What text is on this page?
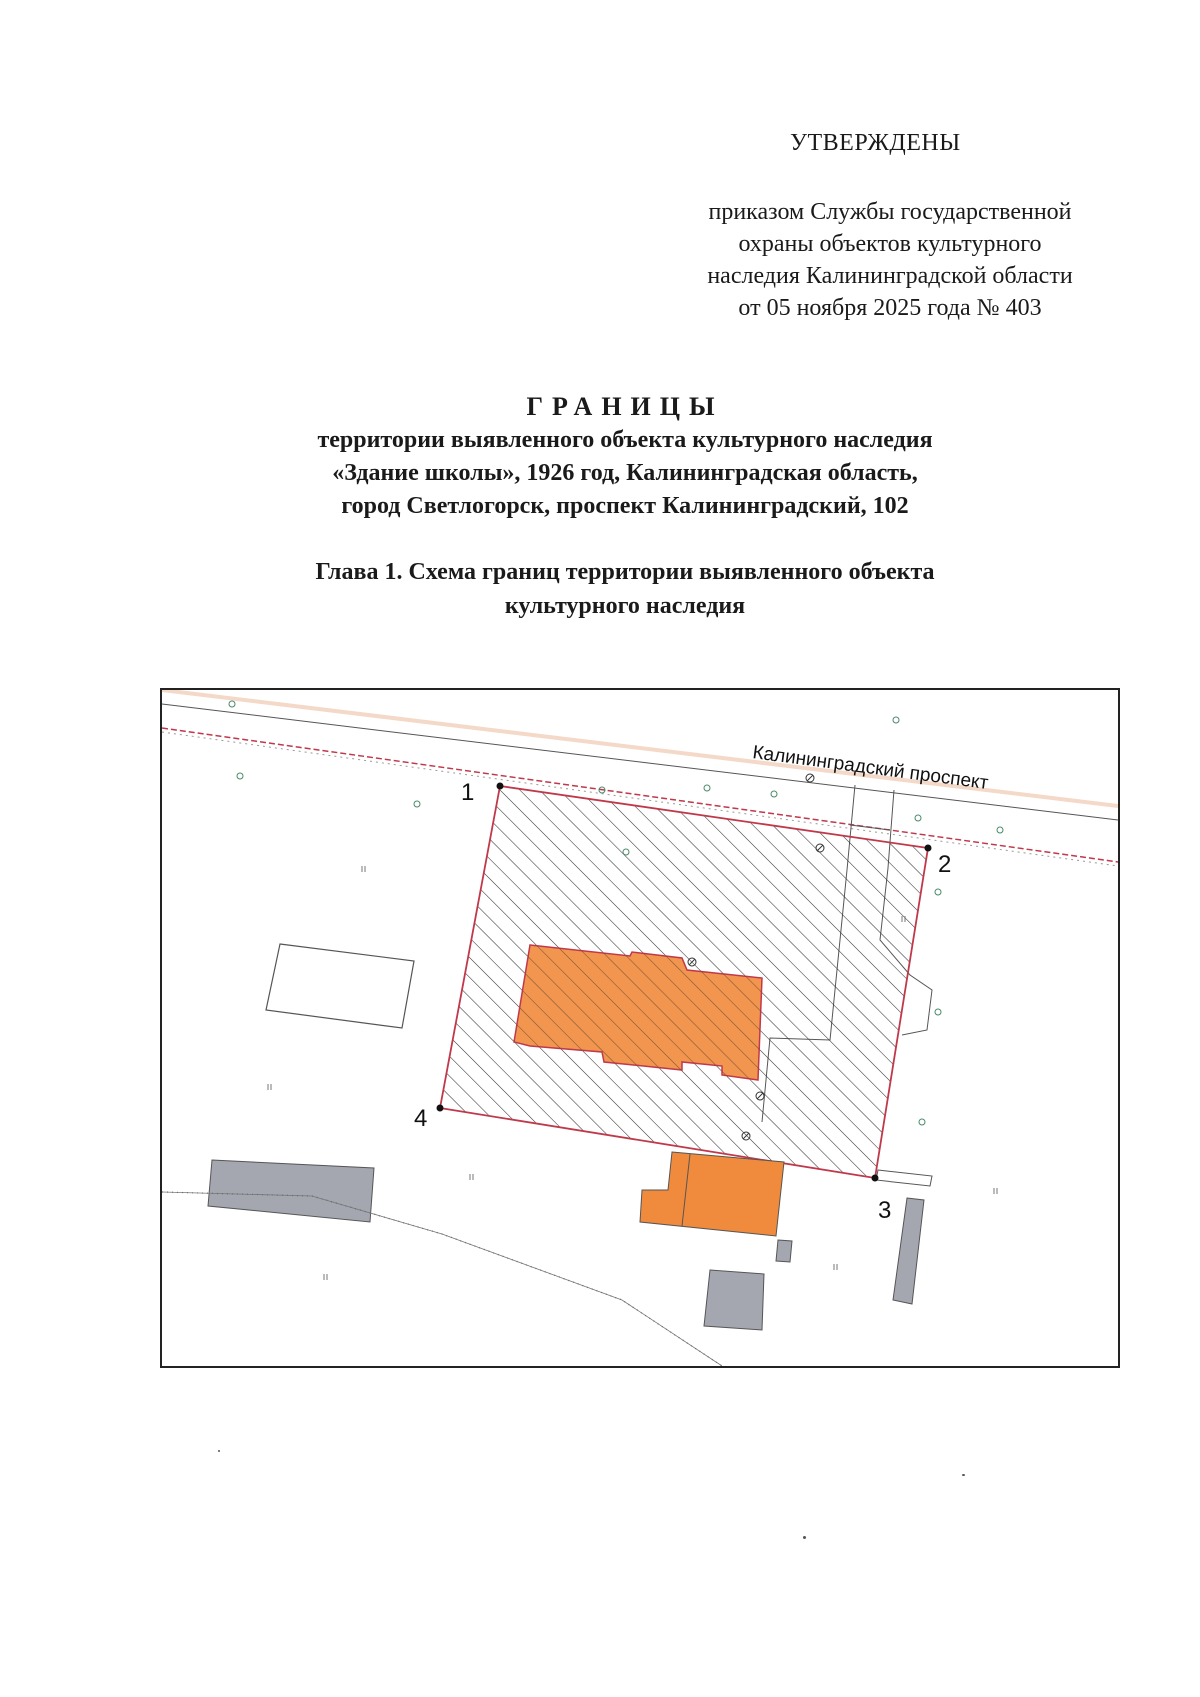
УТВЕРЖДЕНЫ
приказом Службы государственной
охраны объектов культурного
наследия Калининградской области
от 05 ноября 2025 года № 403
ГРАНИЦЫ
территории выявленного объекта культурного наследия
«Здание школы», 1926 год, Калининградская область,
город Светлогорск, проспект Калининградский, 102
Глава 1. Схема границ территории выявленного объекта
культурного наследия
Калининградский проспект
1
2
3
4
